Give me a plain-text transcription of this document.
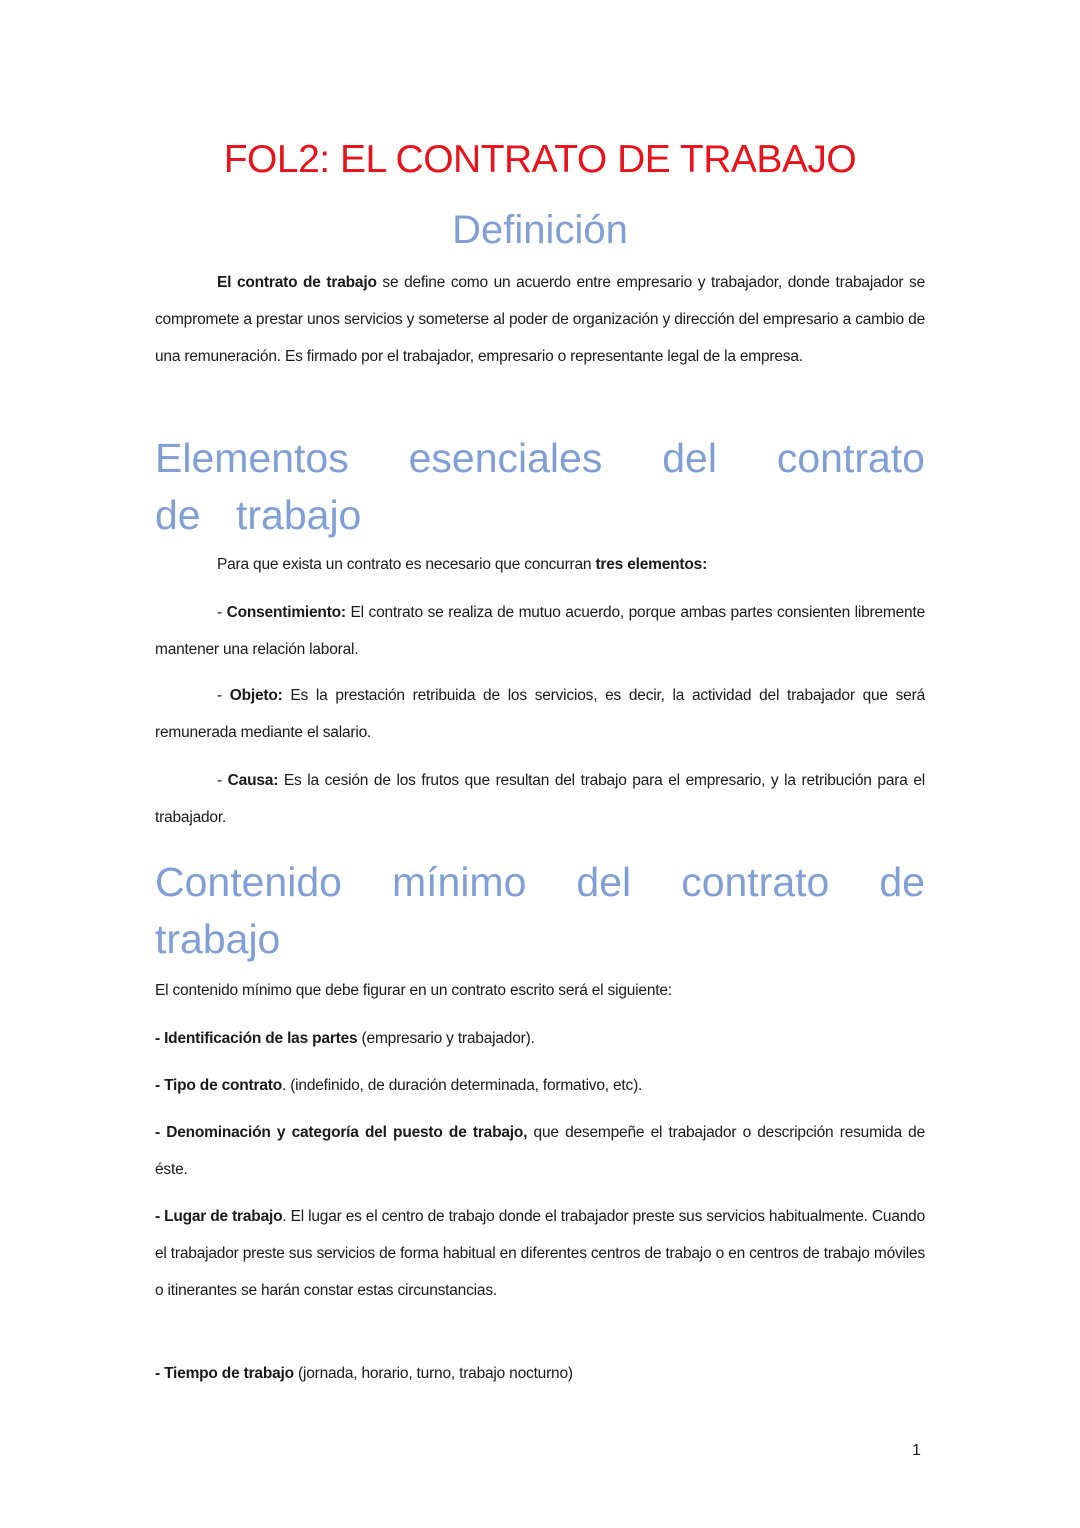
FOL2: EL CONTRATO DE TRABAJO
Definición

El contrato de trabajo se define como un acuerdo entre empresario y trabajador, donde trabajador se compromete a prestar unos servicios y someterse al poder de organización y dirección del empresario a cambio de una remuneración. Es firmado por el trabajador, empresario o representante legal de la empresa.

Elementos esenciales del contrato de trabajo

Para que exista un contrato es necesario que concurran tres elementos:

- Consentimiento: El contrato se realiza de mutuo acuerdo, porque ambas partes consienten libremente mantener una relación laboral.

- Objeto: Es la prestación retribuida de los servicios, es decir, la actividad del trabajador que será remunerada mediante el salario.

- Causa: Es la cesión de los frutos que resultan del trabajo para el empresario, y la retribución para el trabajador.

Contenido mínimo del contrato de trabajo

El contenido mínimo que debe figurar en un contrato escrito será el siguiente:

- Identificación de las partes (empresario y trabajador).

- Tipo de contrato. (indefinido, de duración determinada, formativo, etc).

- Denominación y categoría del puesto de trabajo, que desempeñe el trabajador o descripción resumida de éste.

- Lugar de trabajo. El lugar es el centro de trabajo donde el trabajador preste sus servicios habitualmente. Cuando el trabajador preste sus servicios de forma habitual en diferentes centros de trabajo o en centros de trabajo móviles o itinerantes se harán constar estas circunstancias.

- Tiempo de trabajo (jornada, horario, turno, trabajo nocturno)

1
